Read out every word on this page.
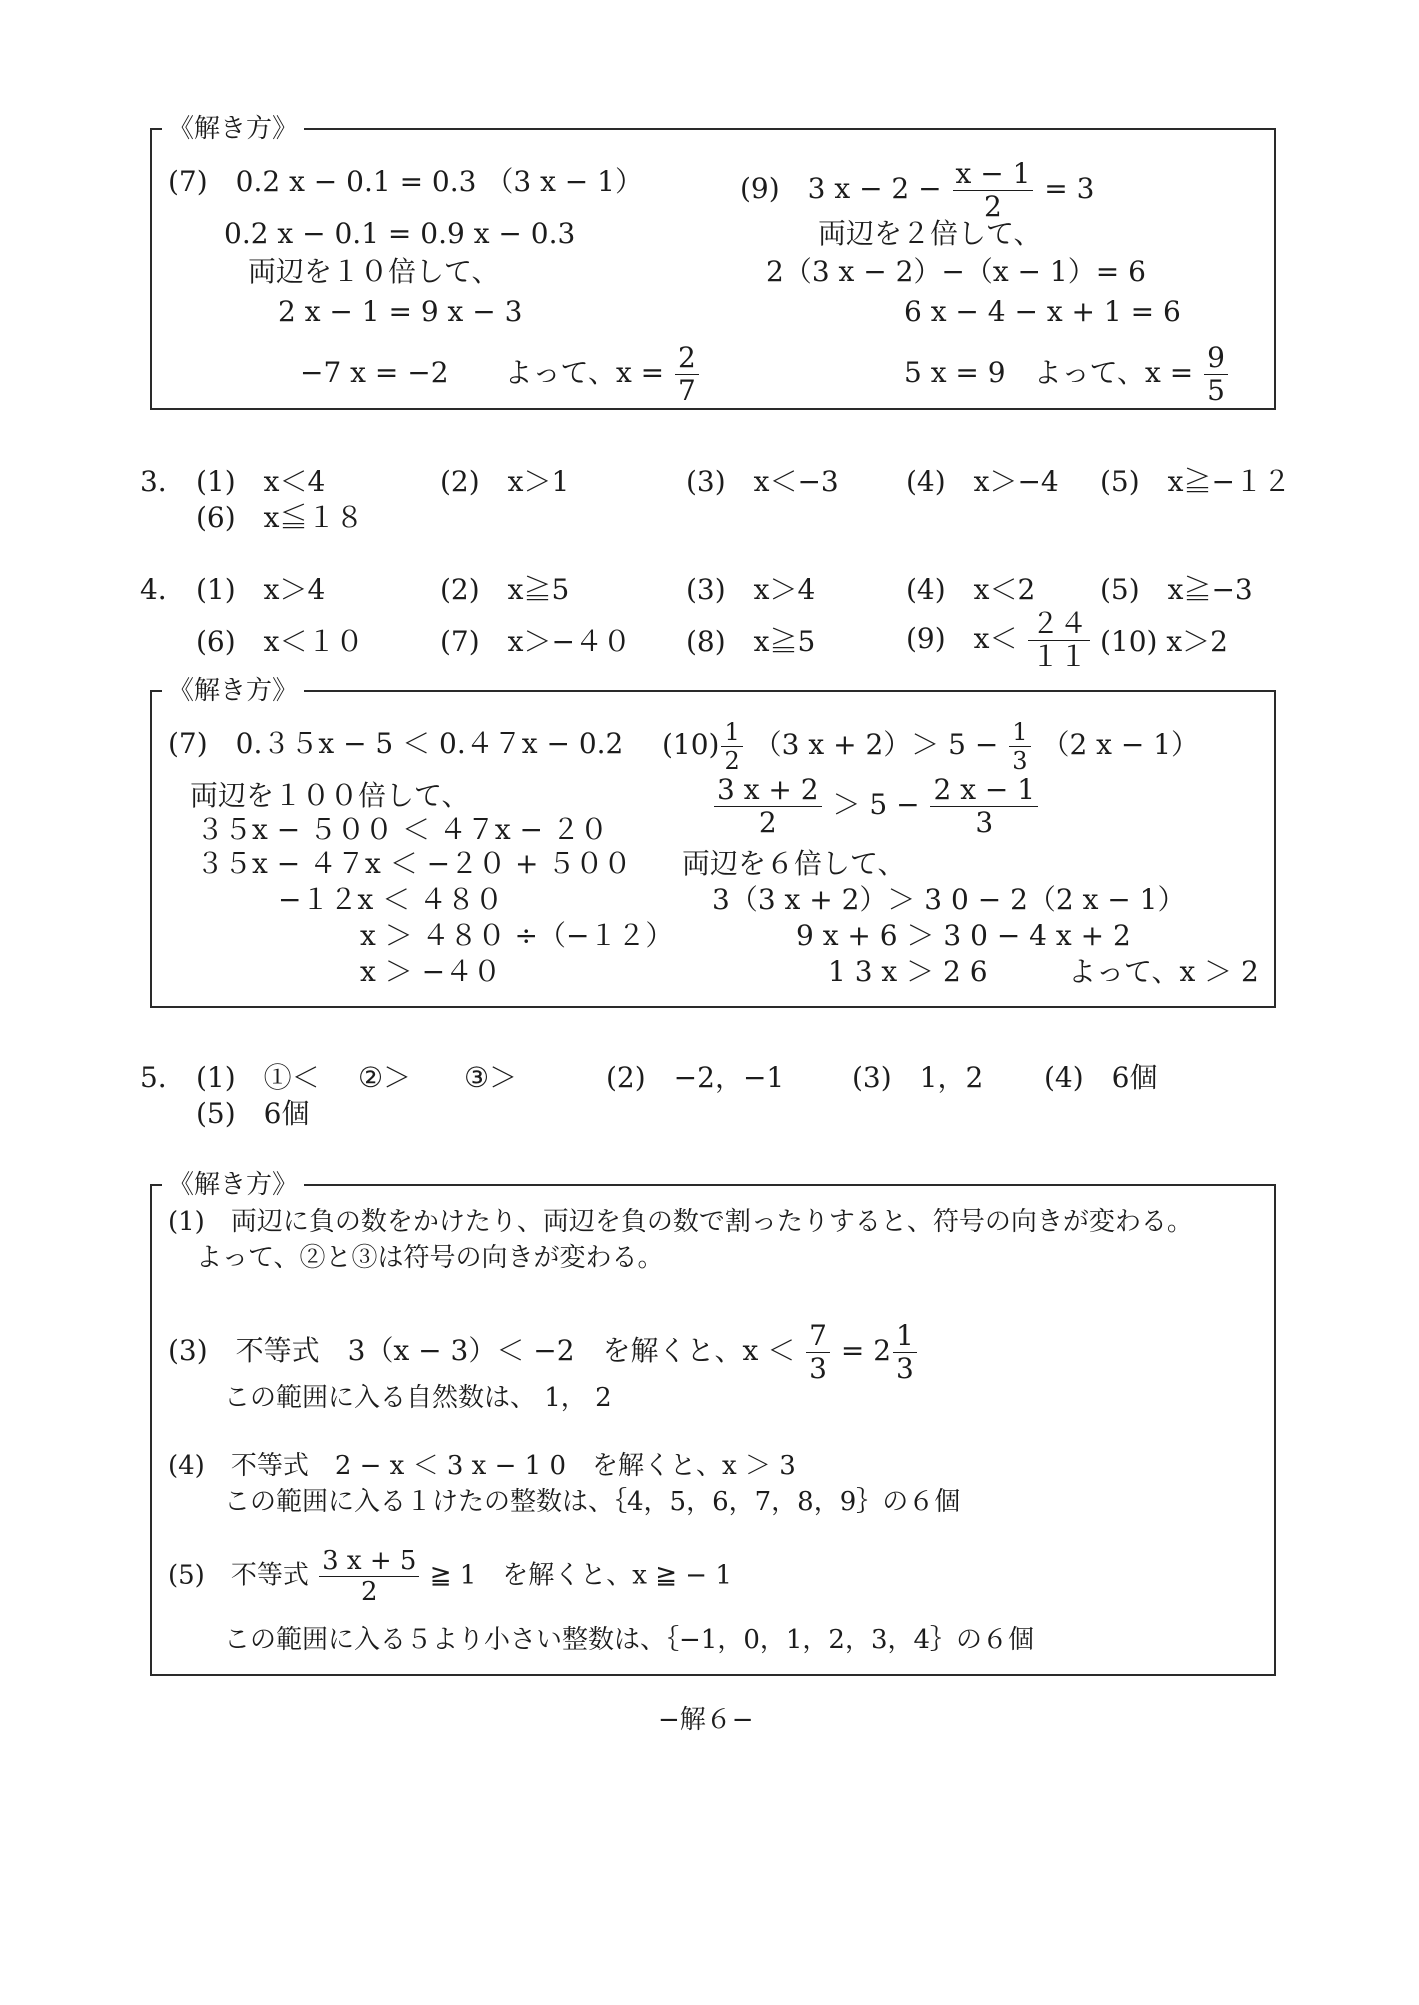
《解き方》
(7)　0.2 x − 0.1 = 0.3 （3 x − 1）
0.2 x − 0.1 = 0.9 x − 0.3
両辺を１０倍して、
2 x − 1 = 9 x − 3
−7 x = −2　　よって、$x = \frac{2}{7}$
(9)　3 $x - 2 - \frac{x - 1}{2} = 3$
両辺を２倍して、
2（3 x − 2）−（x − 1）= 6
6 x − 4 − x + 1 = 6
5 x = 9　よって、$x = \frac{9}{5}$
3． (1)　x＜4	(2)　x＞1	(3)　x＜−3 (4)　x＞−4 (5)　x≧−１２
(6)　x≦１８
4． (1)　x＞4	(2)　x≧5	(3)　x＞4	(4)　x＜2 (5)　x≧−3
(6)　x＜１０	(7)　x＞−４０ (8)　x≧5	(9)　$x< \frac{24}{11} (10)$ x＞2
《解き方》
(7)　0.３５x − 5 ＜ 0.４７x − 0.2
両辺を１００倍して、
３５x − ５００ ＜ ４７x − ２０
３５x − ４７x ＜ −２０ + ５００
−１２x ＜ ４８０
x ＞ ４８０ ÷（−１２）
x ＞ −４０
$(10) \frac{1}{2} (3$ $x + 2)> 5 - \frac{1}{3} (2$ x − 1）
$\frac{3 x + 2}{2} > 5 - \frac{2 x - 1}{3}$
両辺を６倍して、
3（3 x + 2）＞ 3 0 − 2（2 x − 1）
9 x + 6 ＞ 3 0 − 4 x + 2
1 3 x ＞ 2 6	よって、x ＞ 2
5． (1)　①＜ ②＞ ③＞	(2)　−2，−1 (3)　1，2 (4)　6個
(5)　6個
《解き方》
(1)　両辺に負の数をかけたり、両辺を負の数で割ったりすると、符号の向きが変わる。
よって、②と③は符号の向きが変わる。
(3)　不等式　3（x − 3）＜ −2　を解くと、$x < \frac{7}{3} = 2 \frac{1}{3}$
この範囲に入る自然数は、 1， 2
(4)　不等式　2 − x ＜ 3 x − 1 0　を解くと、x ＞ 3
この範囲に入る１けたの整数は、｛4，5，6，7，8，9｝の６個
(5)　不等式 $\frac{3 x + 5}{2}$ ≧ 1　を解くと、x ≧ − 1
この範囲に入る５より小さい整数は、｛−1，0，1，2，3，4｝の６個
−解６−
